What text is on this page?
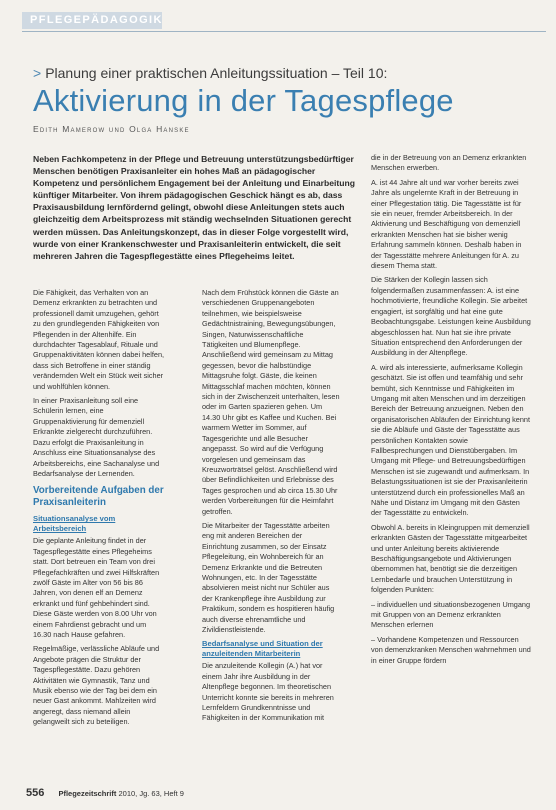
PFLEGEPÄDAGOGIK
> Planung einer praktischen Anleitungssituation – Teil 10:
Aktivierung in der Tagespflege
Edith Mamerow und Olga Hanske

Neben Fachkompetenz in der Pflege und Betreuung unterstützungsbedürftiger Menschen benötigen Praxisanleiter ein hohes Maß an pädagogischer Kompetenz und persönlichem Engagement bei der Anleitung und Einarbeitung künftiger Mitarbeiter. Von ihrem pädagogischen Geschick hängt es ab, dass Praxisausbildung lernfördernd gelingt, obwohl diese Anleitungen stets auch gleichzeitig dem Arbeitsprozess mit ständig wechselnden Situationen gerecht werden müssen. Das Anleitungskonzept, das in dieser Folge vorgestellt wird, wurde von einer Krankenschwester und Praxisanleiterin entwickelt, die seit mehreren Jahren die Tagespflegestätte eines Pflegeheims leitet.

Die Fähigkeit, das Verhalten von an Demenz erkrankten zu betrachten und professionell damit umzugehen, gehört zu den grundlegenden Fähigkeiten von Pflegenden in der Altenhilfe. Ein durchdachter Tagesablauf, Rituale und Gruppenaktivitäten können dabei helfen, dass sich Betroffene in einer ständig verändernden Welt ein Stück weit sicher und wohlfühlen können.

In einer Praxisanleitung soll eine Schülerin lernen, eine Gruppenaktivierung für demenziell Erkrankte zielgerecht durchzuführen. Dazu erfolgt die Praxisanleitung in Anschluss eine Situationsanalyse des Arbeitsbereichs, eine Sachanalyse und Bedarfsanalyse der Lernenden.

Vorbereitende Aufgaben der Praxisanleiterin
Situationsanalyse vom Arbeitsbereich

Die geplante Anleitung findet in der Tagespflegestätte eines Pflegeheims statt. Dort betreuen ein Team von drei Pflegefachkräften und zwei Hilfskräften zwölf Gäste im Alter von 56 bis 86 Jahren, von denen elf an Demenz erkrankt und fünf gehbehindert sind. Diese Gäste werden von 8.00 Uhr von einem Fahrdienst gebracht und um 16.30 nach Hause gefahren.

Regelmäßige, verlässliche Abläufe und Angebote prägen die Struktur der Tagespflegestätte. Dazu gehören Aktivitäten wie Gymnastik, Tanz und Musik ebenso wie der Tag bei dem ein neuer Gast ankommt. Mahlzeiten wird angeregt, dass niemand allein gelangweilt sich zu beteiligen.

Nach dem Frühstück können die Gäste an verschiedenen Gruppenangeboten teilnehmen, wie beispielsweise Gedächtnistraining, Bewegungsübungen, Singen, Naturwissenschaftliche Tätigkeiten und Blumenpflege. Anschließend wird gemeinsam zu Mittag gegessen, bevor die halbstündige Mittagsruhe folgt. Gäste, die keinen Mittagsschlaf machen möchten, können sich in der Zwischenzeit unterhalten, lesen oder im Garten spazieren gehen. Um 14.30 Uhr gibt es Kaffee und Kuchen. Bei warmem Wetter im Sommer, auf Tagesgerichte und alle Besucher angepasst. So wird auf die Verfügung vorgelesen und gemeinsam das Kreuzworträtsel gelöst. Anschließend wird über Befindlichkeiten und Erlebnisse des Tages gesprochen und ab circa 15.30 Uhr werden Vorbereitungen für die Heimfahrt getroffen.

Die Mitarbeiter der Tagesstätte arbeiten eng mit anderen Bereichen der Einrichtung zusammen, so der Einsatz Pflegeleitung, ein Wohnbereich für an Demenz Erkrankte und die Betreuten Wohnungen, etc. In der Tagesstätte absolvieren meist nicht nur Schüler aus der Krankenpflege ihre Ausbildung zur Praktikum, sondern es hospitieren häufig auch diverse ehrenamtliche und Zivildienstleistende.

Bedarfsanalyse und Situation der anzuleitenden Mitarbeiterin

Die anzuleitende Kollegin (A.) hat vor einem Jahr ihre Ausbildung in der Altenpflege begonnen. Im theoretischen Unterricht konnte sie bereits in mehreren Lernfeldern Grundkenntnisse und Fähigkeiten in der Kommunikation mit

die in der Betreuung von an Demenz erkrankten Menschen erwerben.

A. ist 44 Jahre alt und war vorher bereits zwei Jahre als ungelernte Kraft in der Betreuung in einer Pflegestation tätig. Die Tagesstätte ist für sie ein neuer, fremder Arbeitsbereich. In der Aktivierung und Beschäftigung von demenziell erkrankten Menschen hat sie bisher wenig Erfahrung sammeln können. Deshalb haben in der Tagesstätte mehrere Anleitungen für A. zu diesem Thema statt.

Die Stärken der Kollegin lassen sich folgendermaßen zusammenfassen: A. ist eine hochmotivierte, freundliche Kollegin. Sie arbeitet engagiert, ist sorgfältig und hat eine gute Beobachtungsgabe. Leistungen keine Ausbildung abgeschlossen hat. Nun hat sie ihre private Situation entsprechend den Anforderungen der Ausbildung in der Altenpflege.

A. wird als interessierte, aufmerksame Kollegin geschätzt. Sie ist offen und teamfähig und sehr bemüht, sich Kenntnisse und Fähigkeiten im Umgang mit alten Menschen und im derzeitigen Bereich der Betreuung anzueignen. Neben den organisatorischen Abläufen der Einrichtung kennt sie die Abläufe und Gäste der Tagesstätte aus persönlichen Kontakten sowie Fallbesprechungen und Dienstübergaben. Im Umgang mit Pflege- und Betreuungsbedürftigen Menschen ist sie zugewandt und aufmerksam. In Belastungssituationen ist sie der Praxisanleiterin unterstützend durch ein professionelles Maß an Nähe und Distanz im Umgang mit den Gästen der Tagesstätte zu entwickeln.

Obwohl A. bereits in Kleingruppen mit demenziell erkrankten Gästen der Tagesstätte mitgearbeitet und unter Anleitung bereits aktivierende Beschäftigungsangebote und Aktivierungen übernommen hat, benötigt sie die derzeitigen Lernbedarfe und brauchen Unterstützung in folgenden Punkten:

– individuellen und situationsbezogenen Umgang mit Gruppen von an Demenz erkrankten Menschen erlernen

– Vorhandene Kompetenzen und Ressourcen von demenzkranken Menschen wahrnehmen und in einer Gruppe fördern

556 Pflegezeitschrift 2010, Jg. 63, Heft 9
